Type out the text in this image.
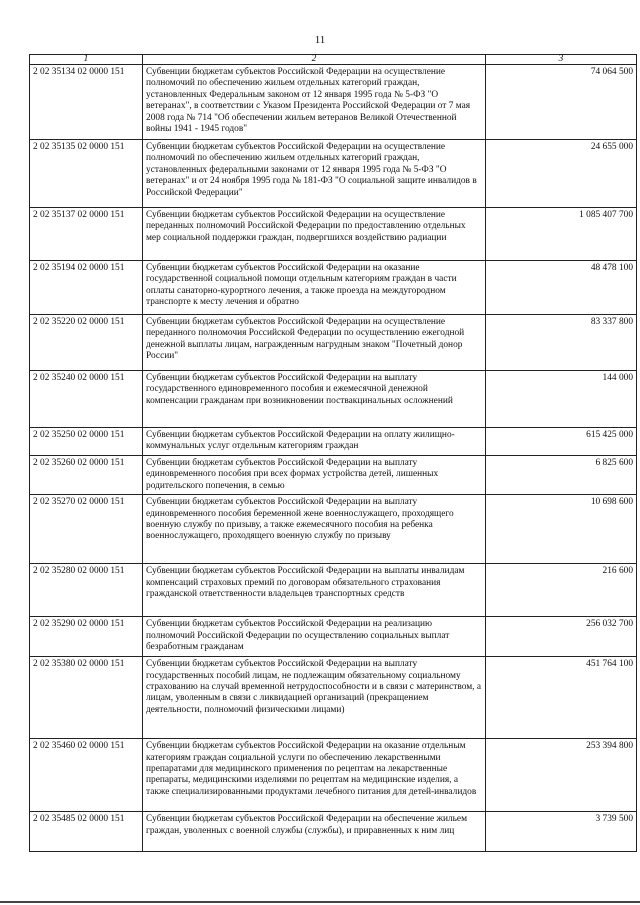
11
1	2	3
2 02 35134 02 0000 151	Субвенции бюджетам субъектов Российской Федерации на осуществление полномочий по обеспечению жильем отдельных категорий граждан, установленных Федеральным законом от 12 января 1995 года № 5-ФЗ "О ветеранах", в соответствии с Указом Президента Российской Федерации от 7 мая 2008 года № 714 "Об обеспечении жильем ветеранов Великой Отечественной войны 1941 - 1945 годов"	74 064 500
2 02 35135 02 0000 151	Субвенции бюджетам субъектов Российской Федерации на осуществление полномочий по обеспечению жильем отдельных категорий граждан, установленных федеральными законами от 12 января 1995 года № 5-ФЗ "О ветеранах" и от 24 ноября 1995 года № 181-ФЗ "О социальной защите инвалидов в Российской Федерации"	24 655 000
2 02 35137 02 0000 151	Субвенции бюджетам субъектов Российской Федерации на осуществление переданных полномочий Российской Федерации по предоставлению отдельных мер социальной поддержки граждан, подвергшихся воздействию радиации	1 085 407 700
2 02 35194 02 0000 151	Субвенции бюджетам субъектов Российской Федерации на оказание государственной социальной помощи отдельным категориям граждан в части оплаты санаторно-курортного лечения, а также проезда на междугородном транспорте к месту лечения и обратно	48 478 100
2 02 35220 02 0000 151	Субвенции бюджетам субъектов Российской Федерации на осуществление переданного полномочия Российской Федерации по осуществлению ежегодной денежной выплаты лицам, награжденным нагрудным знаком "Почетный донор России"	83 337 800
2 02 35240 02 0000 151	Субвенции бюджетам субъектов Российской Федерации на выплату государственного единовременного пособия и ежемесячной денежной компенсации гражданам при возникновении поствакцинальных осложнений	144 000
2 02 35250 02 0000 151	Субвенции бюджетам субъектов Российской Федерации на оплату жилищно-коммунальных услуг отдельным категориям граждан	615 425 000
2 02 35260 02 0000 151	Субвенции бюджетам субъектов Российской Федерации на выплату единовременного пособия при всех формах устройства детей, лишенных родительского попечения, в семью	6 825 600
2 02 35270 02 0000 151	Субвенции бюджетам субъектов Российской Федерации на выплату единовременного пособия беременной жене военнослужащего, проходящего военную службу по призыву, а также ежемесячного пособия на ребенка военнослужащего, проходящего военную службу по призыву	10 698 600
2 02 35280 02 0000 151	Субвенции бюджетам субъектов Российской Федерации на выплаты инвалидам компенсаций страховых премий по договорам обязательного страхования гражданской ответственности владельцев транспортных средств	216 600
2 02 35290 02 0000 151	Субвенции бюджетам субъектов Российской Федерации на реализацию полномочий Российской Федерации по осуществлению социальных выплат безработным гражданам	256 032 700
2 02 35380 02 0000 151	Субвенции бюджетам субъектов Российской Федерации на выплату государственных пособий лицам, не подлежащим обязательному социальному страхованию на случай временной нетрудоспособности и в связи с материнством, а лицам, уволенным в связи с ликвидацией организаций (прекращением деятельности, полномочий физическими лицами)	451 764 100
2 02 35460 02 0000 151	Субвенции бюджетам субъектов Российской Федерации на оказание отдельным категориям граждан социальной услуги по обеспечению лекарственными препаратами для медицинского применения по рецептам на лекарственные препараты, медицинскими изделиями по рецептам на медицинские изделия, а также специализированными продуктами лечебного питания для детей-инвалидов	253 394 800
2 02 35485 02 0000 151	Субвенции бюджетам субъектов Российской Федерации на обеспечение жильем граждан, уволенных с военной службы (службы), и приравненных к ним лиц	3 739 500
